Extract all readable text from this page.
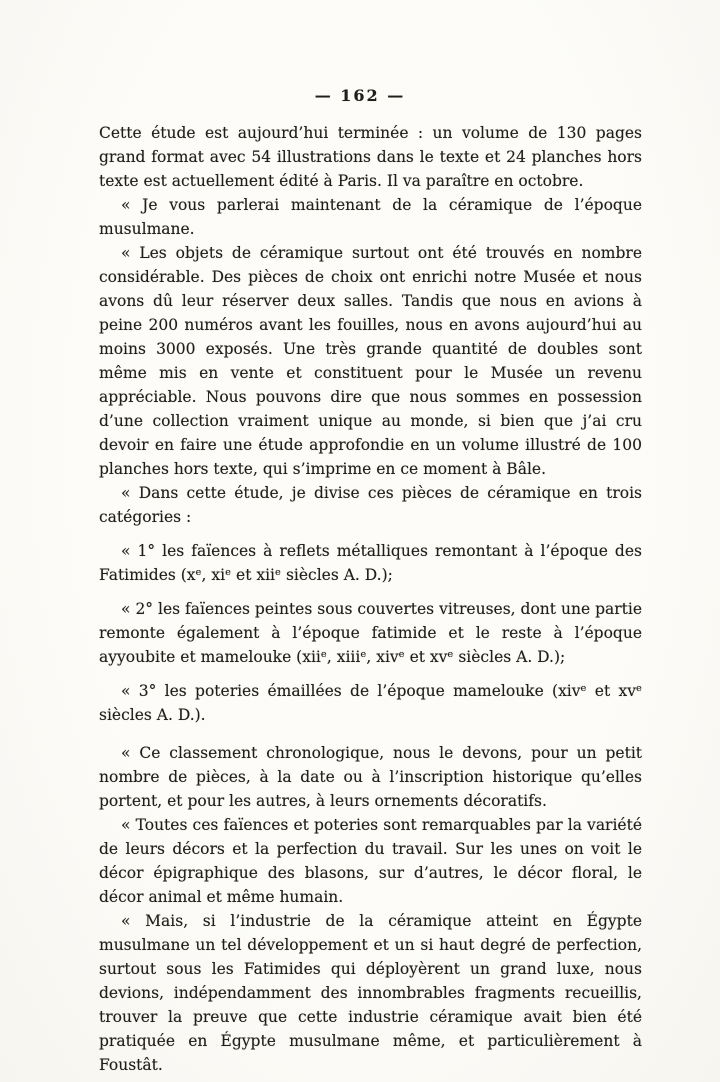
— 162 —

Cette étude est aujourd’hui terminée : un volume de 130 pages grand format avec 54 illustrations dans le texte et 24 planches hors texte est actuellement édité à Paris. Il va paraître en octobre.

« Je vous parlerai maintenant de la céramique de l’époque musulmane.

« Les objets de céramique surtout ont été trouvés en nombre considérable. Des pièces de choix ont enrichi notre Musée et nous avons dû leur réserver deux salles. Tandis que nous en avions à peine 200 numéros avant les fouilles, nous en avons aujourd’hui au moins 3000 exposés. Une très grande quantité de doubles sont même mis en vente et constituent pour le Musée un revenu appréciable. Nous pouvons dire que nous sommes en possession d’une collection vraiment unique au monde, si bien que j’ai cru devoir en faire une étude approfondie en un volume illustré de 100 planches hors texte, qui s’imprime en ce moment à Bâle.

« Dans cette étude, je divise ces pièces de céramique en trois catégories :

« 1° les faïences à reflets métalliques remontant à l’époque des Fatimides (xᵉ, xiᵉ et xiiᵉ siècles A. D.);

« 2° les faïences peintes sous couvertes vitreuses, dont une partie remonte également à l’époque fatimide et le reste à l’époque ayyoubite et mamelouke (xiiᵉ, xiiiᵉ, xivᵉ et xvᵉ siècles A. D.);

« 3° les poteries émaillées de l’époque mamelouke (xivᵉ et xvᵉ siècles A. D.).

« Ce classement chronologique, nous le devons, pour un petit nombre de pièces, à la date ou à l’inscription historique qu’elles portent, et pour les autres, à leurs ornements décoratifs.

« Toutes ces faïences et poteries sont remarquables par la variété de leurs décors et la perfection du travail. Sur les unes on voit le décor épigraphique des blasons, sur d’autres, le décor floral, le décor animal et même humain.

« Mais, si l’industrie de la céramique atteint en Égypte musulmane un tel développement et un si haut degré de perfection, surtout sous les Fatimides qui déployèrent un grand luxe, nous devions, indépendamment des innombrables fragments recueillis, trouver la preuve que cette industrie céramique avait bien été pratiquée en Égypte musulmane même, et particulièrement à Foustât.
